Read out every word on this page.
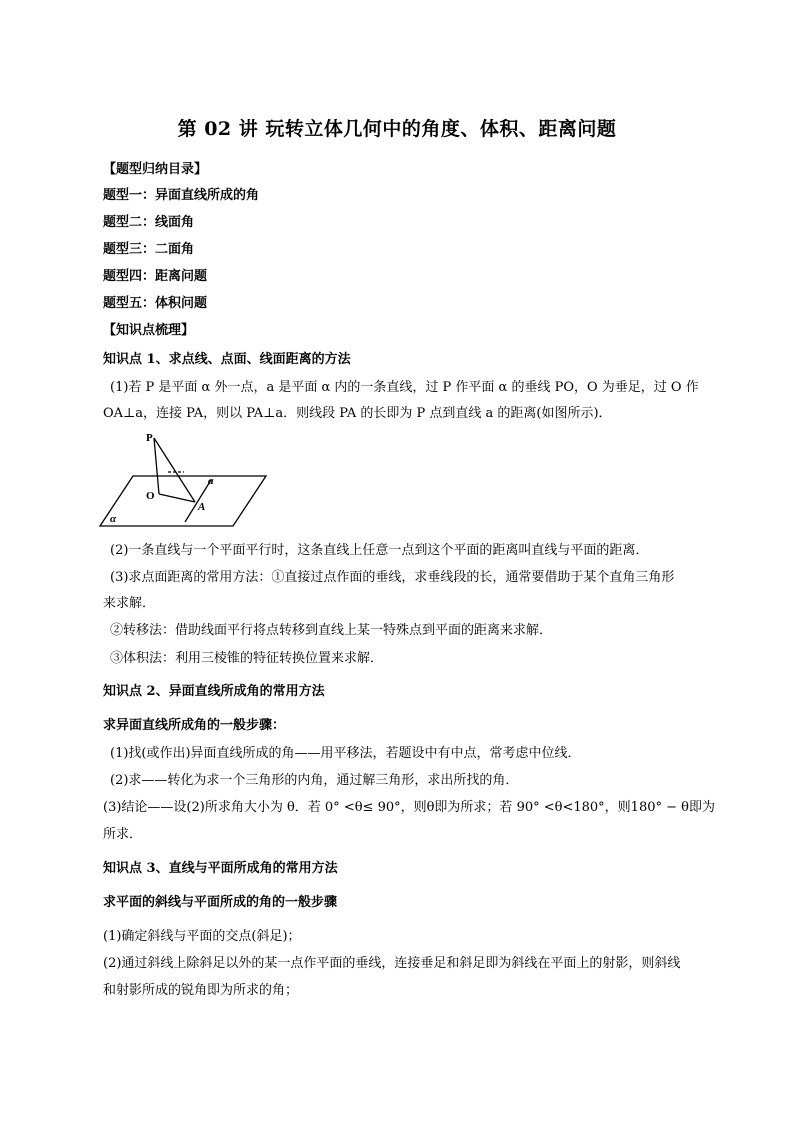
第 02 讲 玩转立体几何中的角度、体积、距离问题
【题型归纳目录】
题型一：异面直线所成的角
题型二：线面角
题型三：二面角
题型四：距离问题
题型五：体积问题
【知识点梳理】
知识点 1、求点线、点面、线面距离的方法
(1)若 P 是平面 α 外一点，a 是平面 α 内的一条直线，过 P 作平面 α 的垂线 PO，O 为垂足，过 O 作
OA⊥a，连接 PA，则以 PA⊥a．则线段 PA 的长即为 P 点到直线 a 的距离(如图所示)．
P
O
A
a
α
(2)一条直线与一个平面平行时，这条直线上任意一点到这个平面的距离叫直线与平面的距离．
(3)求点面距离的常用方法：①直接过点作面的垂线，求垂线段的长，通常要借助于某个直角三角形
来求解．
②转移法：借助线面平行将点转移到直线上某一特殊点到平面的距离来求解．
③体积法：利用三棱锥的特征转换位置来求解．
知识点 2、异面直线所成角的常用方法
求异面直线所成角的一般步骤：
(1)找(或作出)异面直线所成的角——用平移法，若题设中有中点，常考虑中位线．
(2)求——转化为求一个三角形的内角，通过解三角形，求出所找的角．
(3)结论——设(2)所求角大小为 θ．若 0° <θ≤ 90°，则θ即为所求；若 90° <θ<180°，则180° − θ即为
所求．
知识点 3、直线与平面所成角的常用方法
求平面的斜线与平面所成的角的一般步骤
(1)确定斜线与平面的交点(斜足)；
(2)通过斜线上除斜足以外的某一点作平面的垂线，连接垂足和斜足即为斜线在平面上的射影，则斜线
和射影所成的锐角即为所求的角；
